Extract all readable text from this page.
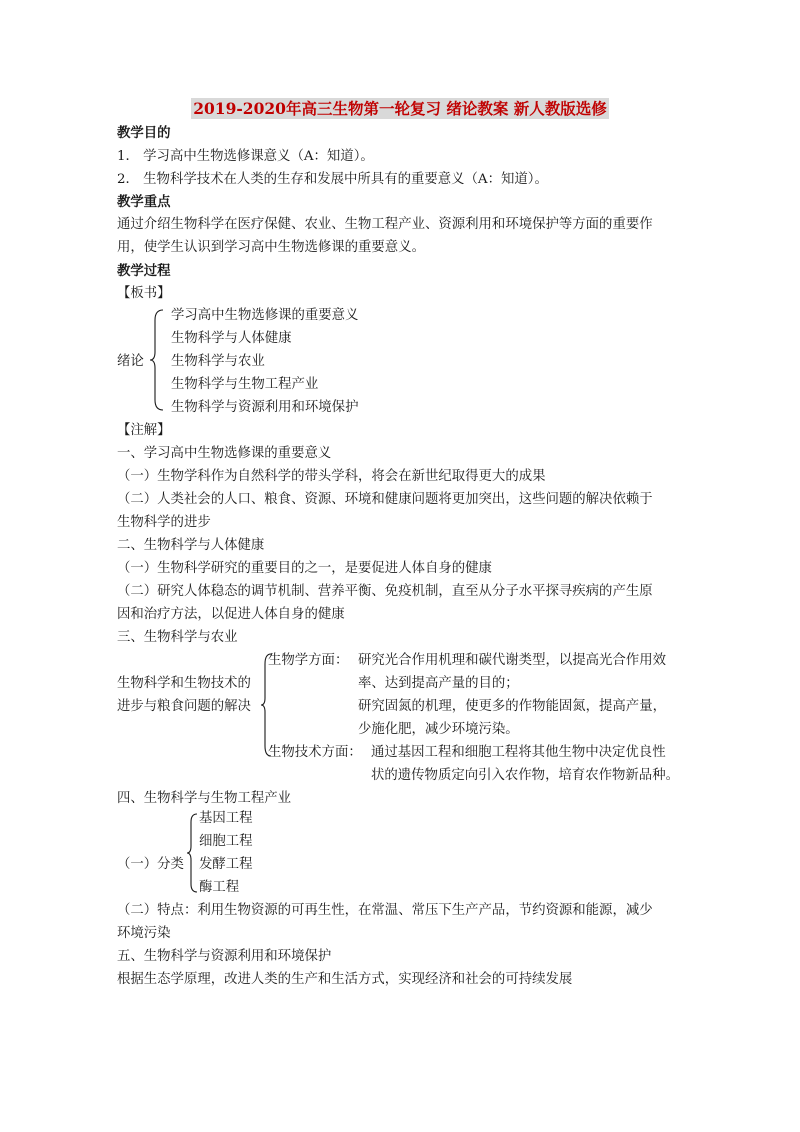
2019-2020年高三生物第一轮复习 绪论教案 新人教版选修
教学目的
1． 学习高中生物选修课意义（A：知道）。
2． 生物科学技术在人类的生存和发展中所具有的重要意义（A：知道）。
教学重点
通过介绍生物科学在医疗保健、农业、生物工程产业、资源利用和环境保护等方面的重要作
用，使学生认识到学习高中生物选修课的重要意义。
教学过程
【板书】
绪论
学习高中生物选修课的重要意义
生物科学与人体健康
生物科学与农业
生物科学与生物工程产业
生物科学与资源利用和环境保护
【注解】
一、学习高中生物选修课的重要意义
（一）生物学科作为自然科学的带头学科，将会在新世纪取得更大的成果
（二）人类社会的人口、粮食、资源、环境和健康问题将更加突出，这些问题的解决依赖于
生物科学的进步
二、生物科学与人体健康
（一）生物科学研究的重要目的之一，是要促进人体自身的健康
（二）研究人体稳态的调节机制、营养平衡、免疫机制，直至从分子水平探寻疾病的产生原
因和治疗方法，以促进人体自身的健康
三、生物科学与农业
生物科学和生物技术的
进步与粮食问题的解决
生物学方面： 研究光合作用机理和碳代谢类型，以提高光合作用效
率、达到提高产量的目的；
研究固氮的机理，使更多的作物能固氮，提高产量，
少施化肥，减少环境污染。
生物技术方面： 通过基因工程和细胞工程将其他生物中决定优良性
状的遗传物质定向引入农作物，培育农作物新品种。
四、生物科学与生物工程产业
（一）分类
基因工程
细胞工程
发酵工程
酶工程
（二）特点：利用生物资源的可再生性，在常温、常压下生产产品，节约资源和能源，减少
环境污染
五、生物科学与资源利用和环境保护
根据生态学原理，改进人类的生产和生活方式，实现经济和社会的可持续发展
